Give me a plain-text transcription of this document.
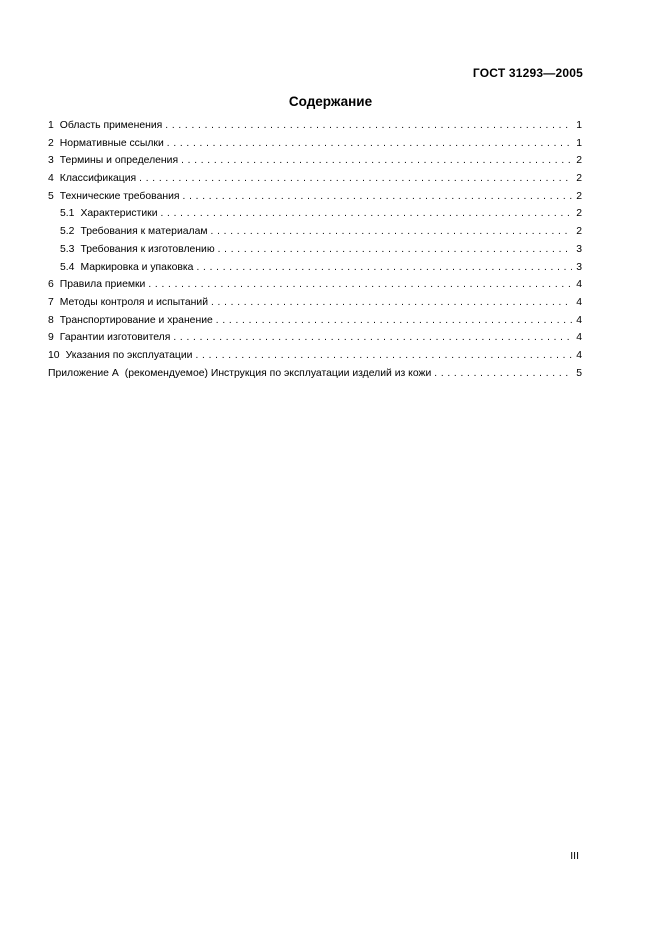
ГОСТ 31293—2005
Содержание
1 Область применения . . .	1
2 Нормативные ссылки . . .	1
3 Термины и определения . . .	2
4 Классификация . . .	2
5 Технические требования . . .	2
5.1 Характеристики . . .	2
5.2 Требования к материалам . . .	2
5.3 Требования к изготовлению . . .	3
5.4 Маркировка и упаковка . . .	3
6 Правила приемки . . .	4
7 Методы контроля и испытаний . . .	4
8 Транспортирование и хранение . . .	4
9 Гарантии изготовителя . . .	4
10 Указания по эксплуатации . . .	4
Приложение А (рекомендуемое) Инструкция по эксплуатации изделий из кожи . . .	5
III
